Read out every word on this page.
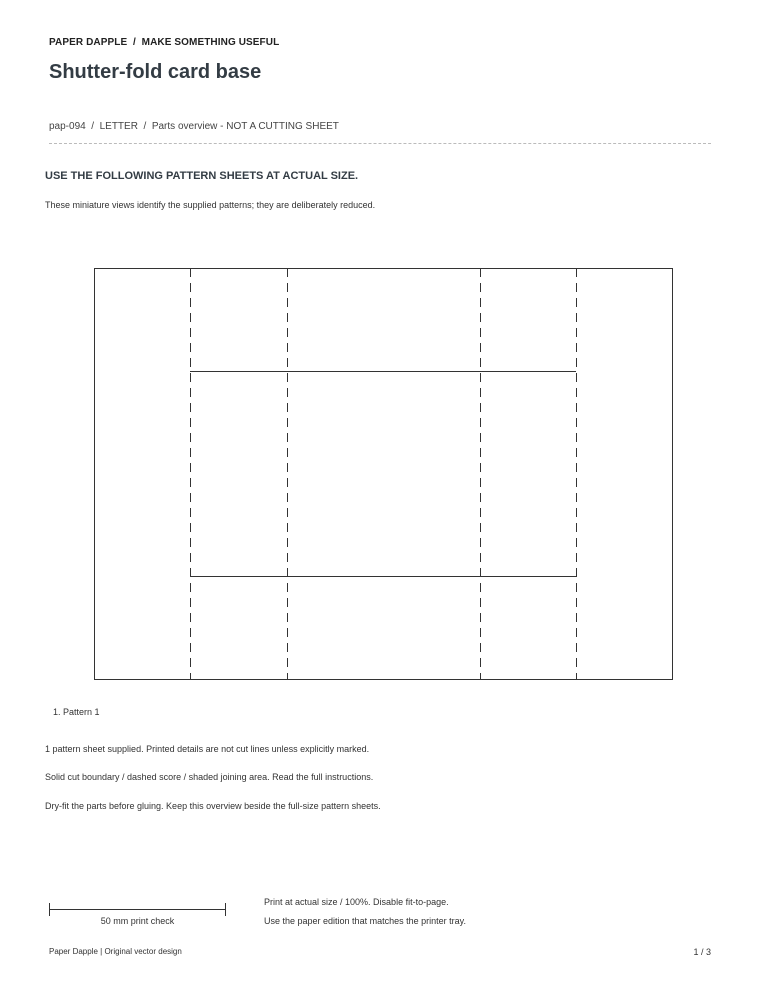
PAPER DAPPLE  /  MAKE SOMETHING USEFUL
Shutter-fold card base
pap-094  /  LETTER  /  Parts overview - NOT A CUTTING SHEET
USE THE FOLLOWING PATTERN SHEETS AT ACTUAL SIZE.
These miniature views identify the supplied patterns; they are deliberately reduced.
1. Pattern 1
1 pattern sheet supplied. Printed details are not cut lines unless explicitly marked.
Solid cut boundary / dashed score / shaded joining area. Read the full instructions.
Dry-fit the parts before gluing. Keep this overview beside the full-size pattern sheets.
50 mm print check
Print at actual size / 100%. Disable fit-to-page.
Use the paper edition that matches the printer tray.
Paper Dapple | Original vector design	1 / 3
